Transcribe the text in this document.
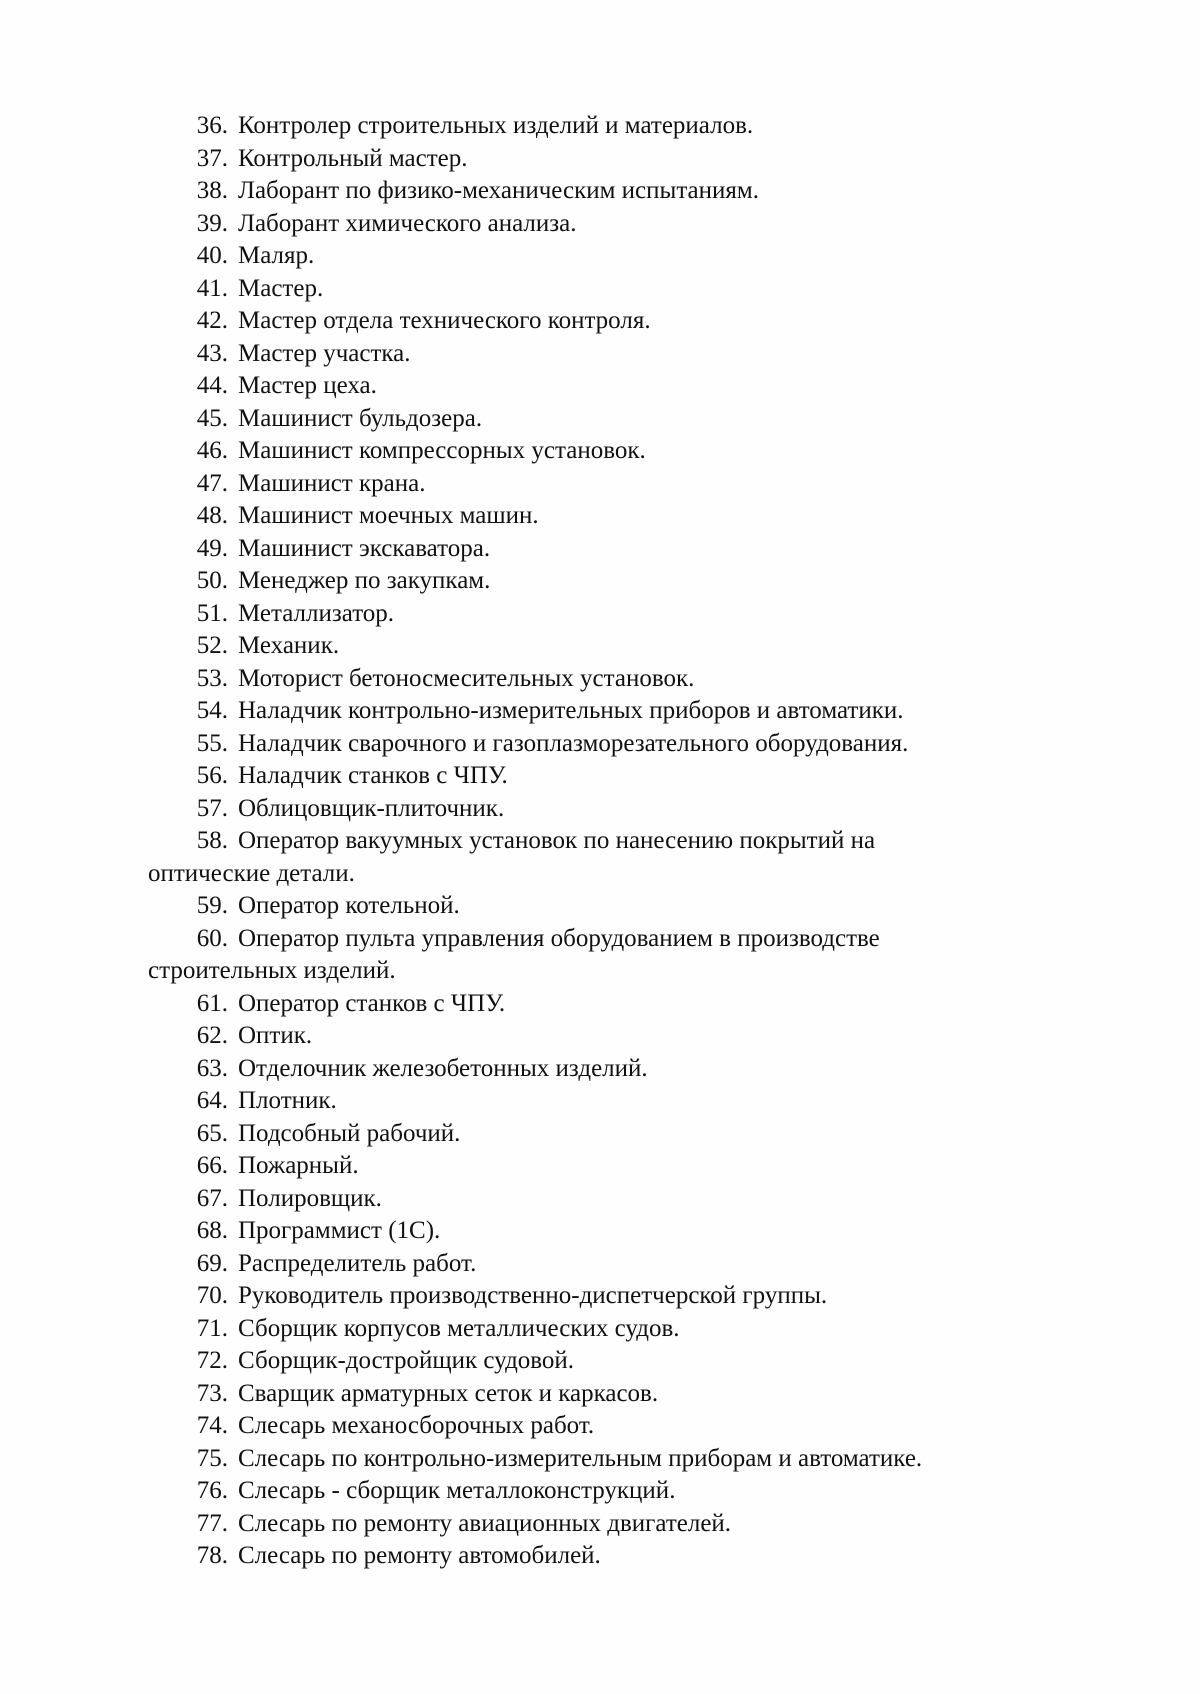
36. Контролер строительных изделий и материалов.
37. Контрольный мастер.
38. Лаборант по физико-механическим испытаниям.
39. Лаборант химического анализа.
40. Маляр.
41. Мастер.
42. Мастер отдела технического контроля.
43. Мастер участка.
44. Мастер цеха.
45. Машинист бульдозера.
46. Машинист компрессорных установок.
47. Машинист крана.
48. Машинист моечных машин.
49. Машинист экскаватора.
50. Менеджер по закупкам.
51. Металлизатор.
52. Механик.
53. Моторист бетоносмесительных установок.
54. Наладчик контрольно-измерительных приборов и автоматики.
55. Наладчик сварочного и газоплазморезательного оборудования.
56. Наладчик станков с ЧПУ.
57. Облицовщик-плиточник.
58. Оператор вакуумных установок по нанесению покрытий на
оптические детали.
59. Оператор котельной.
60. Оператор пульта управления оборудованием в производстве
строительных изделий.
61. Оператор станков с ЧПУ.
62. Оптик.
63. Отделочник железобетонных изделий.
64. Плотник.
65. Подсобный рабочий.
66. Пожарный.
67. Полировщик.
68. Программист (1С).
69. Распределитель работ.
70. Руководитель производственно-диспетчерской группы.
71. Сборщик корпусов металлических судов.
72. Сборщик-достройщик судовой.
73. Сварщик арматурных сеток и каркасов.
74. Слесарь механосборочных работ.
75. Слесарь по контрольно-измерительным приборам и автоматике.
76. Слесарь - сборщик металлоконструкций.
77. Слесарь по ремонту авиационных двигателей.
78. Слесарь по ремонту автомобилей.
